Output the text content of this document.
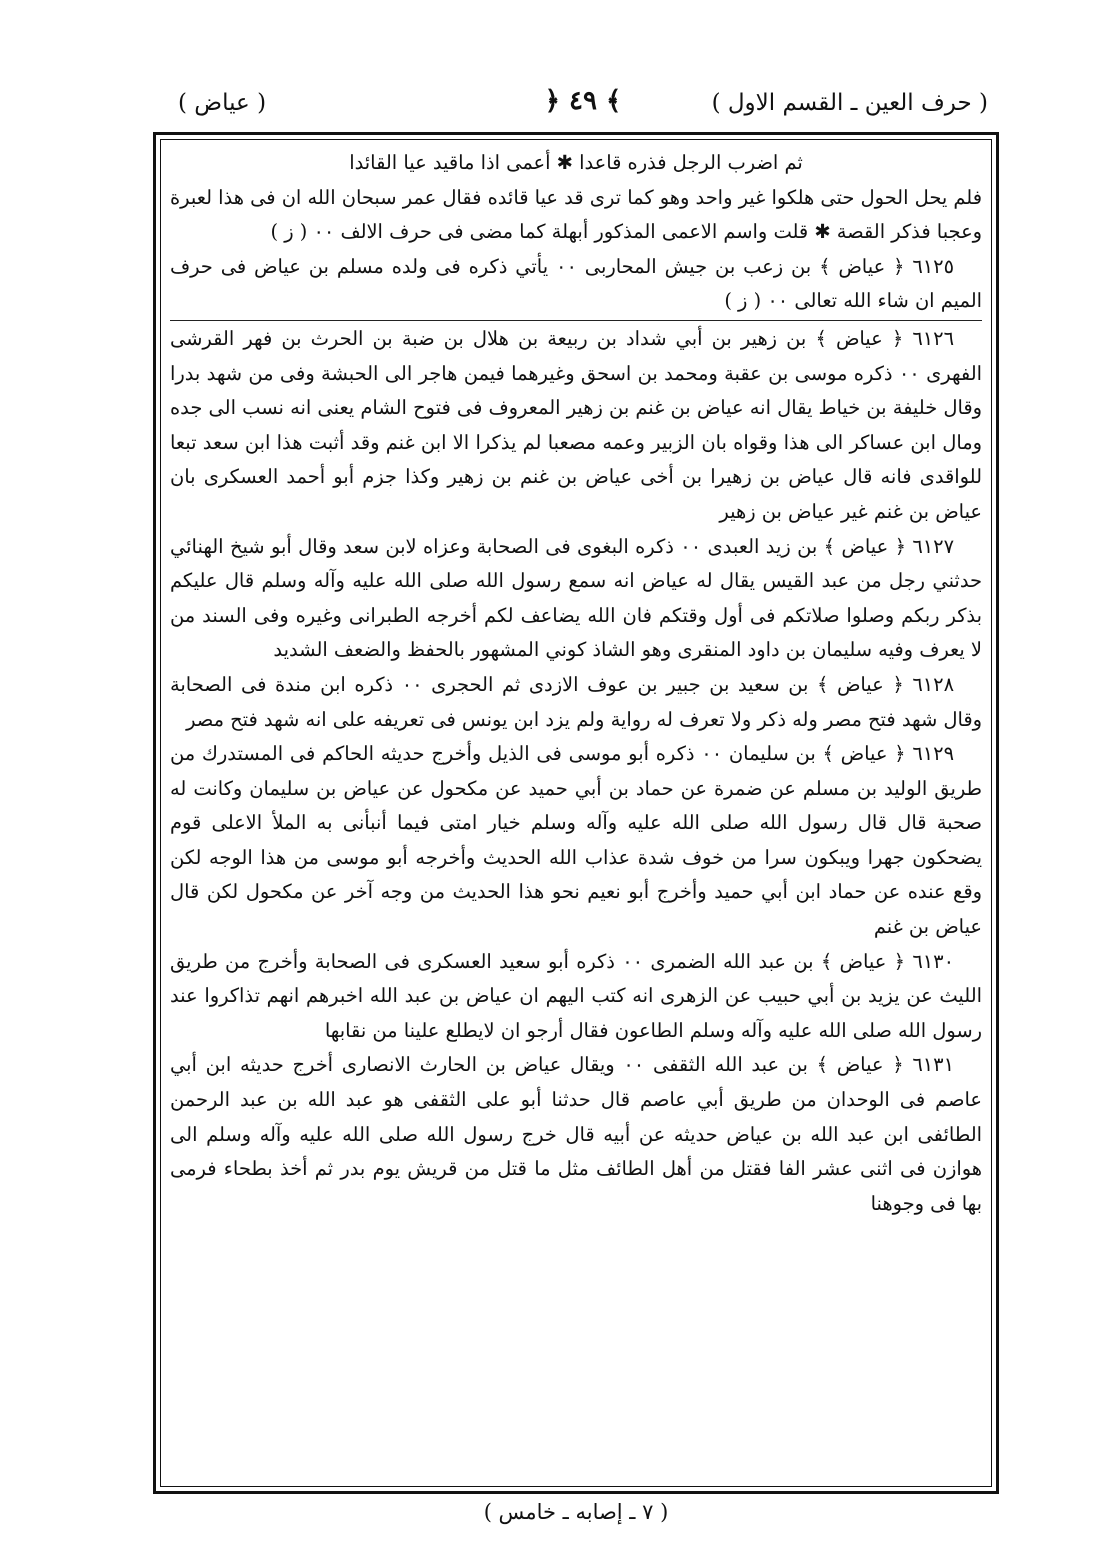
( حرف العين ـ القسم الاول )
﴾ ٤٩ ﴿
( عياض )

ثم اضرب الرجل فذره قاعدا ✱ أعمى اذا ماقيد عيا القائدا

فلم يحل الحول حتى هلكوا غير واحد وهو كما ترى قد عيا قائده فقال عمر سبحان الله ان فى هذا لعبرة وعجبا فذكر القصة ✱ قلت واسم الاعمى المذكور أبهلة كما مضى فى حرف الالف ٠٠ ( ز )

٦١٢٥ ﴿ عياض ﴾ بن زعب بن جيش المحاربى ٠٠ يأتي ذكره فى ولده مسلم بن عياض فى حرف الميم ان شاء الله تعالى ٠٠ ( ز )

٦١٢٦ ﴿ عياض ﴾ بن زهير بن أبي شداد بن ربيعة بن هلال بن ضبة بن الحرث بن فهر القرشى الفهرى ٠٠ ذكره موسى بن عقبة ومحمد بن اسحق وغيرهما فيمن هاجر الى الحبشة وفى من شهد بدرا وقال خليفة بن خياط يقال انه عياض بن غنم بن زهير المعروف فى فتوح الشام يعنى انه نسب الى جده ومال ابن عساكر الى هذا وقواه بان الزبير وعمه مصعبا لم يذكرا الا ابن غنم وقد أثبت هذا ابن سعد تبعا للواقدى فانه قال عياض بن زهيرا بن أخى عياض بن غنم بن زهير وكذا جزم أبو أحمد العسكرى بان عياض بن غنم غير عياض بن زهير

٦١٢٧ ﴿ عياض ﴾ بن زيد العبدى ٠٠ ذكره البغوى فى الصحابة وعزاه لابن سعد وقال أبو شيخ الهنائي حدثني رجل من عبد القيس يقال له عياض انه سمع رسول الله صلى الله عليه وآله وسلم قال عليكم بذكر ربكم وصلوا صلاتكم فى أول وقتكم فان الله يضاعف لكم أخرجه الطبرانى وغيره وفى السند من لا يعرف وفيه سليمان بن داود المنقرى وهو الشاذ كوني المشهور بالحفظ والضعف الشديد

٦١٢٨ ﴿ عياض ﴾ بن سعيد بن جبير بن عوف الازدى ثم الحجرى ٠٠ ذكره ابن مندة فى الصحابة وقال شهد فتح مصر وله ذكر ولا تعرف له رواية ولم يزد ابن يونس فى تعريفه على انه شهد فتح مصر

٦١٢٩ ﴿ عياض ﴾ بن سليمان ٠٠ ذكره أبو موسى فى الذيل وأخرج حديثه الحاكم فى المستدرك من طريق الوليد بن مسلم عن ضمرة عن حماد بن أبي حميد عن مكحول عن عياض بن سليمان وكانت له صحبة قال قال رسول الله صلى الله عليه وآله وسلم خيار امتى فيما أنبأنى به الملأ الاعلى قوم يضحكون جهرا ويبكون سرا من خوف شدة عذاب الله الحديث وأخرجه أبو موسى من هذا الوجه لكن وقع عنده عن حماد ابن أبي حميد وأخرج أبو نعيم نحو هذا الحديث من وجه آخر عن مكحول لكن قال عياض بن غنم

٦١٣٠ ﴿ عياض ﴾ بن عبد الله الضمرى ٠٠ ذكره أبو سعيد العسكرى فى الصحابة وأخرج من طريق الليث عن يزيد بن أبي حبيب عن الزهرى انه كتب اليهم ان عياض بن عبد الله اخبرهم انهم تذاكروا عند رسول الله صلى الله عليه وآله وسلم الطاعون فقال أرجو ان لايطلع علينا من نقابها

٦١٣١ ﴿ عياض ﴾ بن عبد الله الثقفى ٠٠ ويقال عياض بن الحارث الانصارى أخرج حديثه ابن أبي عاصم فى الوحدان من طريق أبي عاصم قال حدثنا أبو على الثقفى هو عبد الله بن عبد الرحمن الطائفى ابن عبد الله بن عياض حديثه عن أبيه قال خرج رسول الله صلى الله عليه وآله وسلم الى هوازن فى اثنى عشر الفا فقتل من أهل الطائف مثل ما قتل من قريش يوم بدر ثم أخذ بطحاء فرمى بها فى وجوهنا

( ٧ ـ إصابه ـ خامس )
